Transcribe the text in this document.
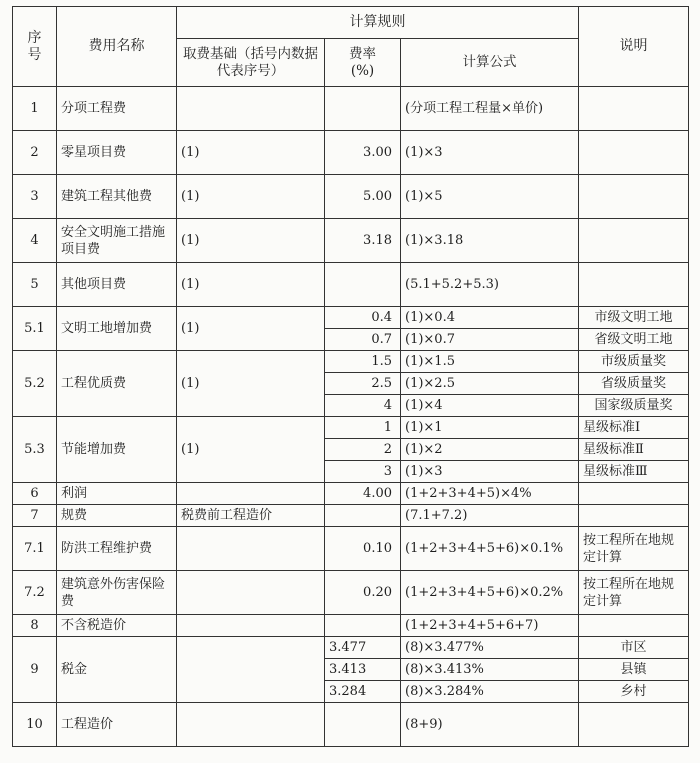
序号	费用名称	计算规则			说明
		取费基础（括号内数据代表序号）	费率(%)	计算公式	
1	分项工程费			(分项工程工程量×单价)	
2	零星项目费	(1)	3.00	(1)×3	
3	建筑工程其他费	(1)	5.00	(1)×5	
4	安全文明施工措施项目费	(1)	3.18	(1)×3.18	
5	其他项目费	(1)		(5.1+5.2+5.3)	
5.1	文明工地增加费	(1)	0.4	(1)×0.4	市级文明工地
			0.7	(1)×0.7	省级文明工地
5.2	工程优质费	(1)	1.5	(1)×1.5	市级质量奖
			2.5	(1)×2.5	省级质量奖
			4	(1)×4	国家级质量奖
5.3	节能增加费	(1)	1	(1)×1	星级标准Ⅰ
			2	(1)×2	星级标准Ⅱ
			3	(1)×3	星级标准Ⅲ
6	利润		4.00	(1+2+3+4+5)×4%	
7	规费	税费前工程造价		(7.1+7.2)	
7.1	防洪工程维护费		0.10	(1+2+3+4+5+6)×0.1%	按工程所在地规定计算
7.2	建筑意外伤害保险费		0.20	(1+2+3+4+5+6)×0.2%	按工程所在地规定计算
8	不含税造价			(1+2+3+4+5+6+7)	
9	税金		3.477	(8)×3.477%	市区
			3.413	(8)×3.413%	县镇
			3.284	(8)×3.284%	乡村
10	工程造价			(8+9)	
